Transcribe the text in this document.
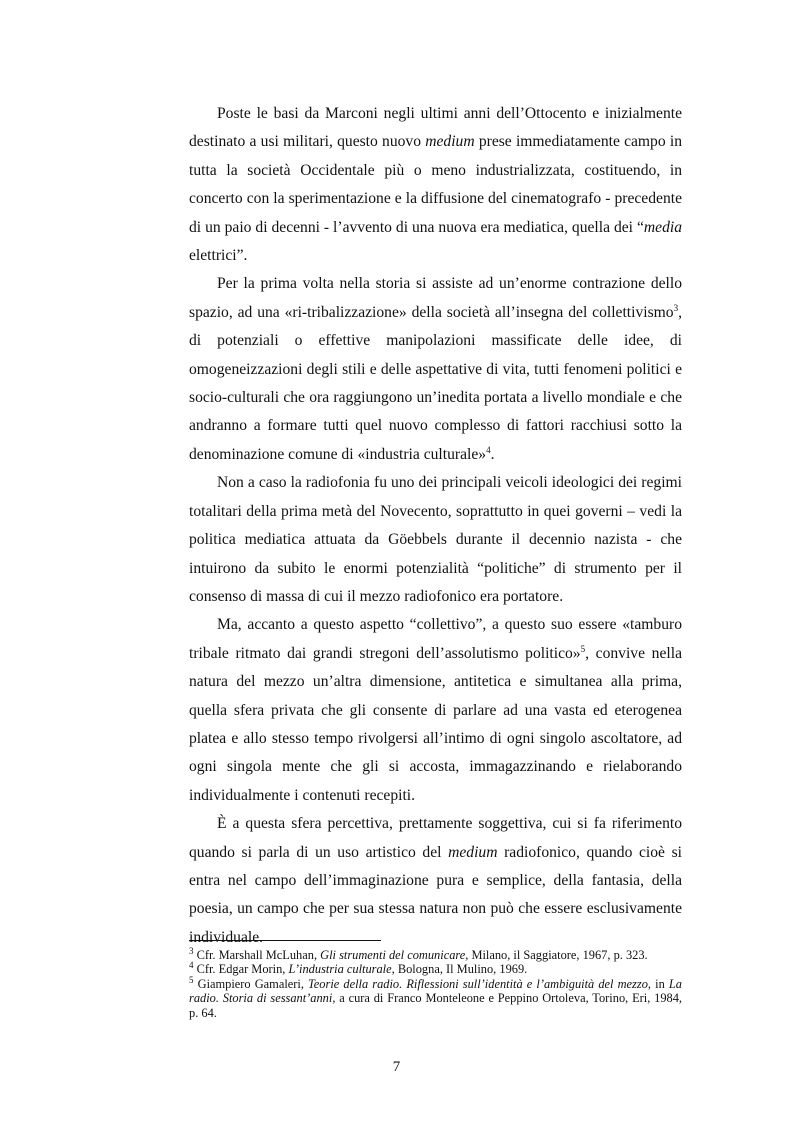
Poste le basi da Marconi negli ultimi anni dell’Ottocento e inizialmente destinato a usi militari, questo nuovo medium prese immediatamente campo in tutta la società Occidentale più o meno industrializzata, costituendo, in concerto con la sperimentazione e la diffusione del cinematografo - precedente di un paio di decenni - l’avvento di una nuova era mediatica, quella dei “media elettrici”.

Per la prima volta nella storia si assiste ad un’enorme contrazione dello spazio, ad una «ri-tribalizzazione» della società all’insegna del collettivismo$^3$, di potenziali o effettive manipolazioni massificate delle idee, di omogeneizzazioni degli stili e delle aspettative di vita, tutti fenomeni politici e socio-culturali che ora raggiungono un’inedita portata a livello mondiale e che andranno a formare tutti quel nuovo complesso di fattori racchiusi sotto la denominazione comune di «industria culturale»$^4$.

Non a caso la radiofonia fu uno dei principali veicoli ideologici dei regimi totalitari della prima metà del Novecento, soprattutto in quei governi – vedi la politica mediatica attuata da Göebbels durante il decennio nazista - che intuirono da subito le enormi potenzialità “politiche” di strumento per il consenso di massa di cui il mezzo radiofonico era portatore.

Ma, accanto a questo aspetto “collettivo”, a questo suo essere «tamburo tribale ritmato dai grandi stregoni dell’assolutismo politico»$^5$, convive nella natura del mezzo un’altra dimensione, antitetica e simultanea alla prima, quella sfera privata che gli consente di parlare ad una vasta ed eterogenea platea e allo stesso tempo rivolgersi all’intimo di ogni singolo ascoltatore, ad ogni singola mente che gli si accosta, immagazzinando e rielaborando individualmente i contenuti recepiti.

È a questa sfera percettiva, prettamente soggettiva, cui si fa riferimento quando si parla di un uso artistico del medium radiofonico, quando cioè si entra nel campo dell’immaginazione pura e semplice, della fantasia, della poesia, un campo che per sua stessa natura non può che essere esclusivamente individuale.

$^3$ Cfr. Marshall McLuhan, Gli strumenti del comunicare, Milano, il Saggiatore, 1967, p. 323.

$^4$ Cfr. Edgar Morin, L’industria culturale, Bologna, Il Mulino, 1969.

$^5$ Giampiero Gamaleri, Teorie della radio. Riflessioni sull’identità e l’ambiguità del mezzo, in La radio. Storia di sessant’anni, a cura di Franco Monteleone e Peppino Ortoleva, Torino, Eri, 1984, p. 64.

7
